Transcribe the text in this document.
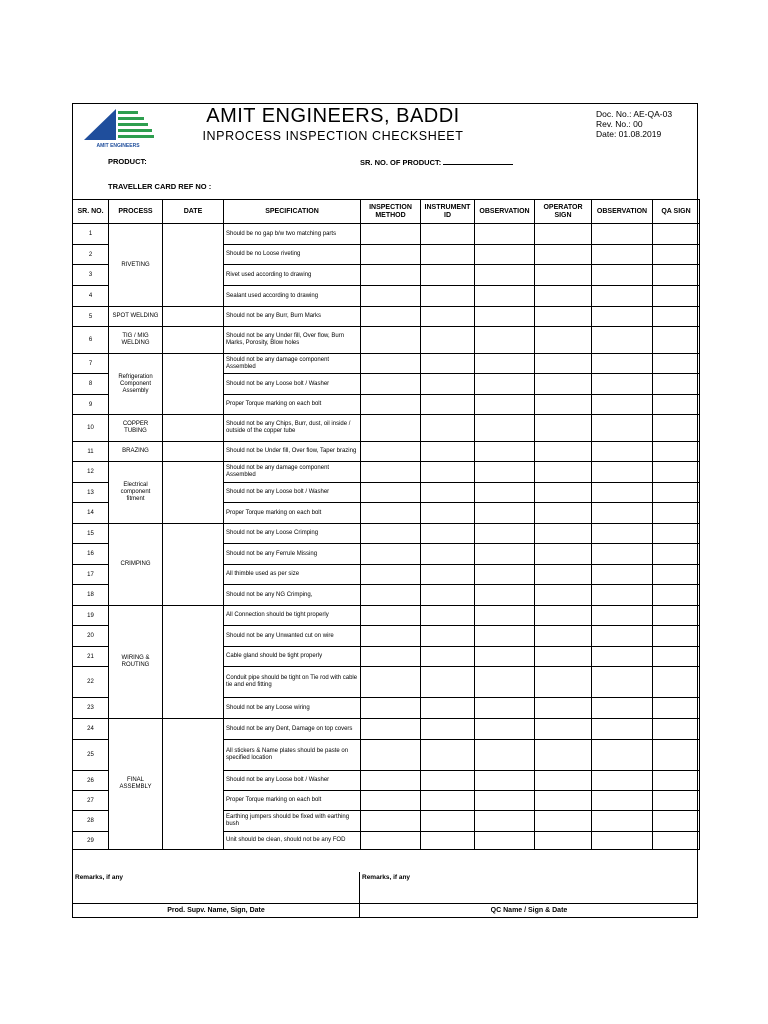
AMIT ENGINEERS
AMIT ENGINEERS, BADDI
INPROCESS INSPECTION CHECKSHEET
Doc. No.: AE-QA-03
Rev. No.: 00
Date: 01.08.2019
PRODUCT:	SR. NO. OF PRODUCT:
TRAVELLER CARD REF NO :
SR. NO.	PROCESS	DATE	SPECIFICATION	INSPECTION METHOD	INSTRUMENT ID	OBSERVATION	OPERATOR SIGN	OBSERVATION	QA SIGN
1	RIVETING		Should be no gap b/w two matching parts						
2			Should be no Loose riveting						
3			Rivet used according to drawing						
4			Sealant used according to drawing						
5	SPOT WELDING		Should not be any Burr, Burn Marks						
6	TIG / MIG WELDING		Should not be any Under fill, Over flow, Burn Marks, Porosity, Blow holes						
7	Refrigeration Component Assembly		Should not be any damage component Assembled						
8			Should not be any Loose bolt / Washer						
9			Proper Torque marking on each bolt						
10	COPPER TUBING		Should not be any Chips, Burr, dust, oil inside / outside of the copper tube						
11	BRAZING		Should not be Under fill, Over flow, Taper brazing						
12	Electrical component fitment		Should not be any damage component Assembled						
13			Should not be any Loose bolt / Washer						
14			Proper Torque marking on each bolt						
15	CRIMPING		Should not be any Loose Crimping						
16			Should not be any Ferrule Missing						
17			All thimble used as per size						
18			Should not be any NG Crimping,						
19	WIRING & ROUTING		All Connection should be tight properly						
20			Should not be any Unwanted cut on wire						
21			Cable gland should be tight properly						
22			Conduit pipe should be tight on Tie rod with cable tie and end fitting						
23			Should not be any Loose wiring						
24	FINAL ASSEMBLY		Should not be any Dent, Damage on top covers						
25			All stickers & Name plates should be paste on specified location						
26			Should not be any Loose bolt / Washer						
27			Proper Torque marking on each bolt						
28			Earthing jumpers should be fixed with earthing bush						
29			Unit should be clean, should not be any FOD						
Remarks, if any
Prod. Supv. Name, Sign, Date
Remarks, if any
QC Name / Sign & Date
